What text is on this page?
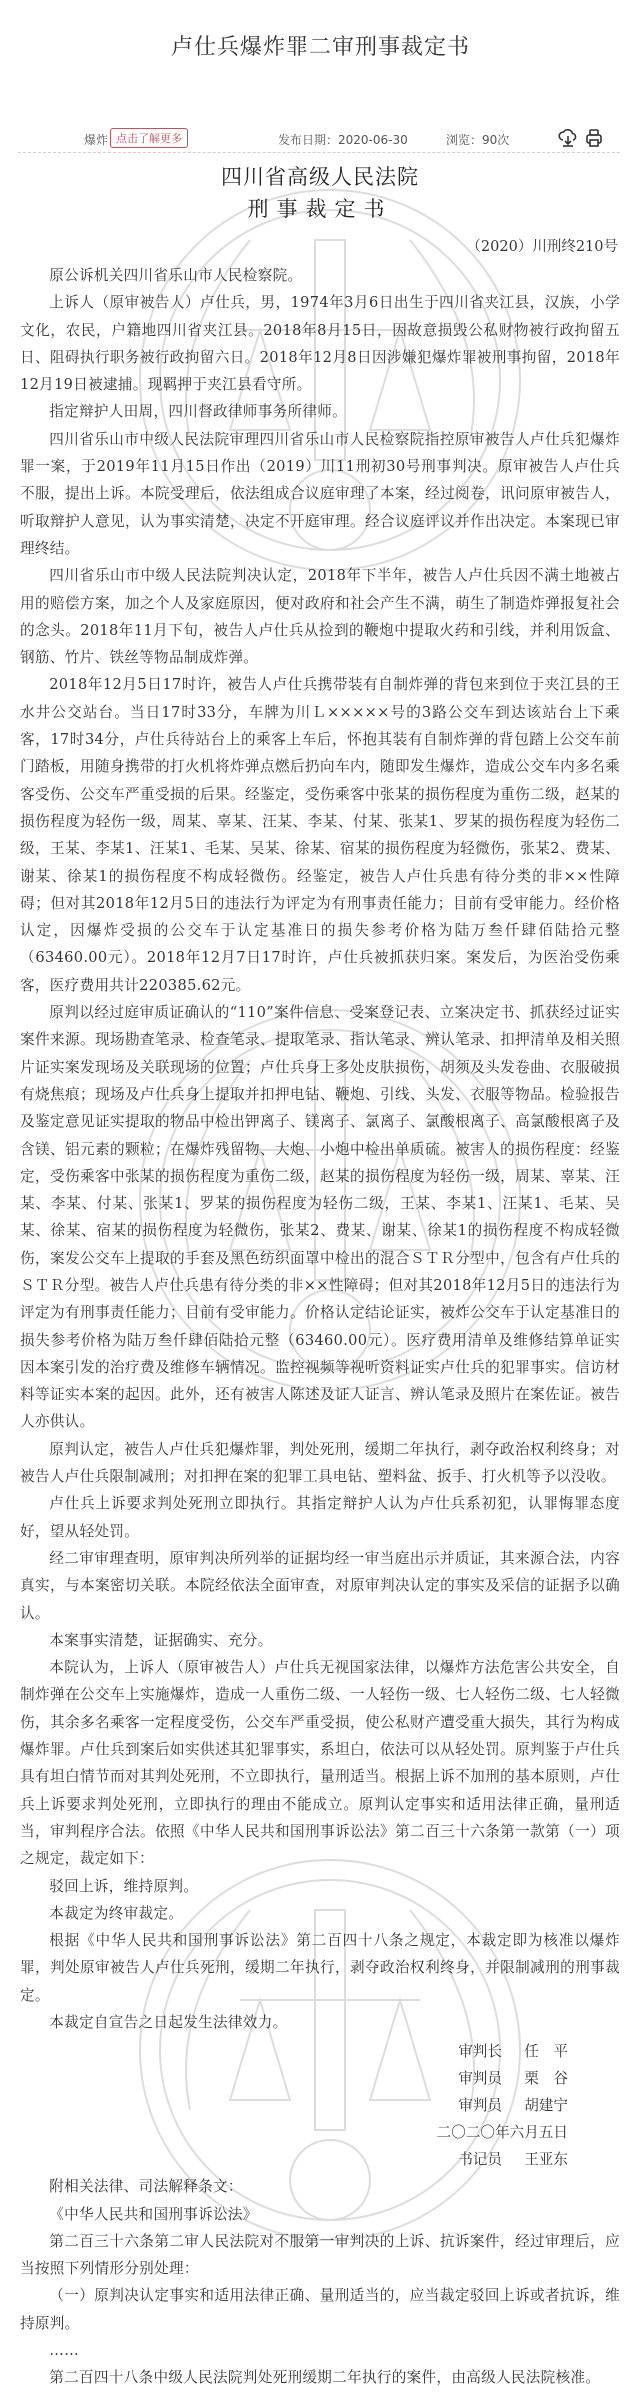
卢仕兵爆炸罪二审刑事裁定书
爆炸 点击了解更多	发布日期：2020-06-30	浏览：90次
四川省高级人民法院
刑事裁定书
（2020）川刑终210号

原公诉机关四川省乐山市人民检察院。

上诉人（原审被告人）卢仕兵，男，1974年3月6日出生于四川省夹江县，汉族，小学文化，农民，户籍地四川省夹江县。2018年8月15日，因故意损毁公私财物被行政拘留五日、阻碍执行职务被行政拘留六日。2018年12月8日因涉嫌犯爆炸罪被刑事拘留，2018年12月19日被逮捕。现羁押于夹江县看守所。

指定辩护人田周，四川督政律师事务所律师。

四川省乐山市中级人民法院审理四川省乐山市人民检察院指控原审被告人卢仕兵犯爆炸罪一案，于2019年11月15日作出（2019）川11刑初30号刑事判决。原审被告人卢仕兵不服，提出上诉。本院受理后，依法组成合议庭审理了本案，经过阅卷，讯问原审被告人，听取辩护人意见，认为事实清楚，决定不开庭审理。经合议庭评议并作出决定。本案现已审理终结。

四川省乐山市中级人民法院判决认定，2018年下半年，被告人卢仕兵因不满土地被占用的赔偿方案，加之个人及家庭原因，便对政府和社会产生不满，萌生了制造炸弹报复社会的念头。2018年11月下旬，被告人卢仕兵从捡到的鞭炮中提取火药和引线，并利用饭盒、钢筋、竹片、铁丝等物品制成炸弹。

2018年12月5日17时许，被告人卢仕兵携带装有自制炸弹的背包来到位于夹江县的王水井公交站台。当日17时33分，车牌为川Ｌ×××××号的3路公交车到达该站台上下乘客，17时34分，卢仕兵待站台上的乘客上车后，怀抱其装有自制炸弹的背包踏上公交车前门踏板，用随身携带的打火机将炸弹点燃后扔向车内，随即发生爆炸，造成公交车内多名乘客受伤、公交车严重受损的后果。经鉴定，受伤乘客中张某的损伤程度为重伤二级，赵某的损伤程度为轻伤一级，周某、辜某、汪某、李某、付某、张某1、罗某的损伤程度为轻伤二级，王某、李某1、汪某1、毛某、吴某、徐某、宿某的损伤程度为轻微伤，张某2、费某、谢某、徐某1的损伤程度不构成轻微伤。经鉴定，被告人卢仕兵患有待分类的非××性障碍；但对其2018年12月5日的违法行为评定为有刑事责任能力；目前有受审能力。经价格认定，因爆炸受损的公交车于认定基准日的损失参考价格为陆万叁仟肆佰陆拾元整（63460.00元）。2018年12月7日17时许，卢仕兵被抓获归案。案发后，为医治受伤乘客，医疗费用共计220385.62元。

原判以经过庭审质证确认的“110”案件信息、受案登记表、立案决定书、抓获经过证实案件来源。现场勘查笔录、检查笔录、提取笔录、指认笔录、辨认笔录、扣押清单及相关照片证实案发现场及关联现场的位置；卢仕兵身上多处皮肤损伤，胡须及头发卷曲、衣服破损有烧焦痕；现场及卢仕兵身上提取并扣押电钻、鞭炮、引线、头发、衣服等物品。检验报告及鉴定意见证实提取的物品中检出钾离子、镁离子、氯离子、氯酸根离子、高氯酸根离子及含镁、铝元素的颗粒；在爆炸残留物、大炮、小炮中检出单质硫。被害人的损伤程度：经鉴定，受伤乘客中张某的损伤程度为重伤二级，赵某的损伤程度为轻伤一级，周某、辜某、汪某、李某、付某、张某1、罗某的损伤程度为轻伤二级，王某、李某1、汪某1、毛某、吴某、徐某、宿某的损伤程度为轻微伤，张某2、费某、谢某、徐某1的损伤程度不构成轻微伤，案发公交车上提取的手套及黑色纺织面罩中检出的混合ＳＴＲ分型中，包含有卢仕兵的ＳＴＲ分型。被告人卢仕兵患有待分类的非××性障碍；但对其2018年12月5日的违法行为评定为有刑事责任能力；目前有受审能力。价格认定结论证实，被炸公交车于认定基准日的损失参考价格为陆万叁仟肆佰陆拾元整（63460.00元）。医疗费用清单及维修结算单证实因本案引发的治疗费及维修车辆情况。监控视频等视听资料证实卢仕兵的犯罪事实。信访材料等证实本案的起因。此外，还有被害人陈述及证人证言、辨认笔录及照片在案佐证。被告人亦供认。

原判认定，被告人卢仕兵犯爆炸罪，判处死刑，缓期二年执行，剥夺政治权利终身；对被告人卢仕兵限制减刑；对扣押在案的犯罪工具电钻、塑料盆、扳手、打火机等予以没收。

卢仕兵上诉要求判处死刑立即执行。其指定辩护人认为卢仕兵系初犯，认罪悔罪态度好，望从轻处罚。

经二审审理查明，原审判决所列举的证据均经一审当庭出示并质证，其来源合法，内容真实，与本案密切关联。本院经依法全面审查，对原审判决认定的事实及采信的证据予以确认。

本案事实清楚，证据确实、充分。

本院认为，上诉人（原审被告人）卢仕兵无视国家法律，以爆炸方法危害公共安全，自制炸弹在公交车上实施爆炸，造成一人重伤二级、一人轻伤一级、七人轻伤二级、七人轻微伤，其余多名乘客一定程度受伤，公交车严重受损，使公私财产遭受重大损失，其行为构成爆炸罪。卢仕兵到案后如实供述其犯罪事实，系坦白，依法可以从轻处罚。原判鉴于卢仕兵具有坦白情节而对其判处死刑，不立即执行，量刑适当。根据上诉不加刑的基本原则，卢仕兵上诉要求判处死刑，立即执行的理由不能成立。原判认定事实和适用法律正确，量刑适当，审判程序合法。依照《中华人民共和国刑事诉讼法》第二百三十六条第一款第（一）项之规定，裁定如下：

驳回上诉，维持原判。

本裁定为终审裁定。

根据《中华人民共和国刑事诉讼法》第二百四十八条之规定，本裁定即为核准以爆炸罪，判处原审被告人卢仕兵死刑，缓期二年执行，剥夺政治权利终身，并限制减刑的刑事裁定。

本裁定自宣告之日起发生法律效力。

审判长 任　平

审判员 栗　谷

审判员 胡建宁

二〇二〇年六月五日

书记员 王亚东

附相关法律、司法解释条文：

《中华人民共和国刑事诉讼法》

第二百三十六条第二审人民法院对不服第一审判决的上诉、抗诉案件，经过审理后，应当按照下列情形分别处理：

（一）原判决认定事实和适用法律正确、量刑适当的，应当裁定驳回上诉或者抗诉，维持原判。

……

第二百四十八条中级人民法院判处死刑缓期二年执行的案件，由高级人民法院核准。
